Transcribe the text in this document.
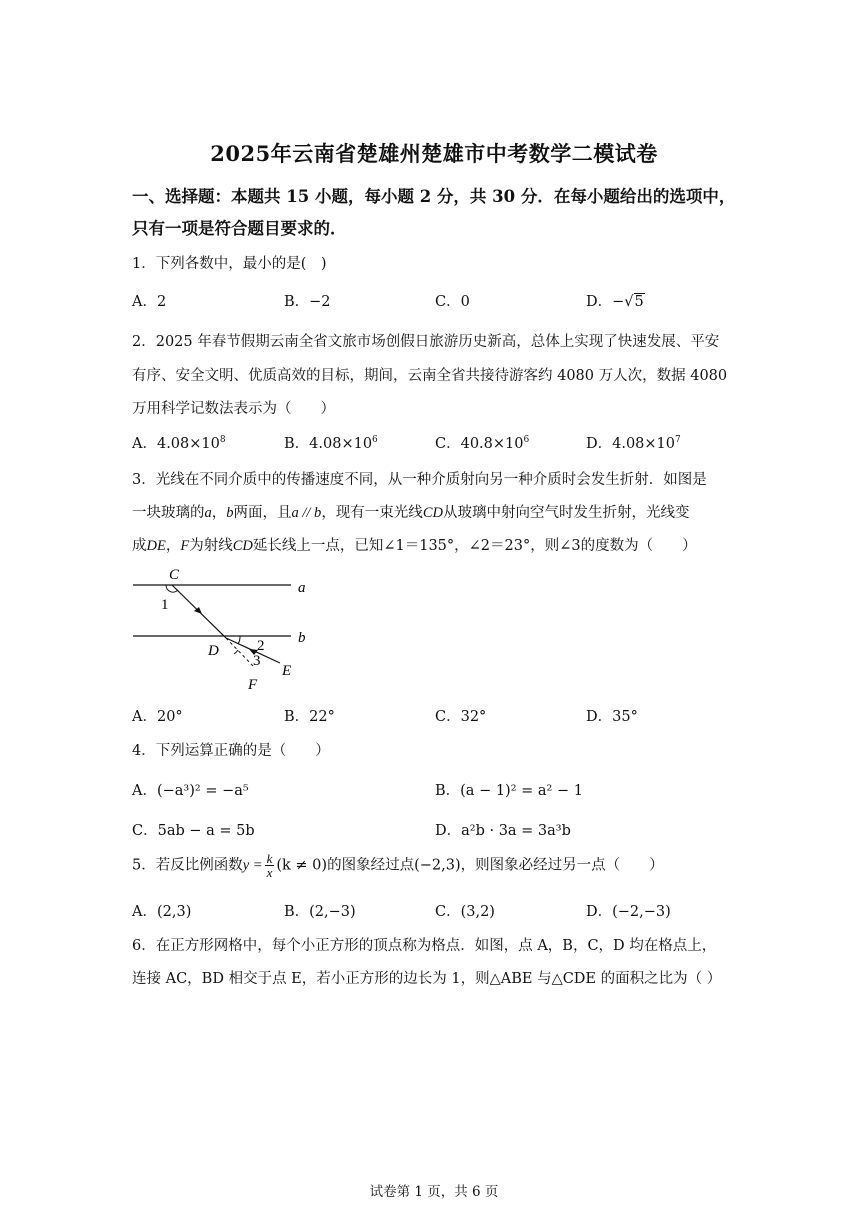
2025年云南省楚雄州楚雄市中考数学二模试卷
一、选择题：本题共 15 小题，每小题 2 分，共 30 分．在每小题给出的选项中，
只有一项是符合题目要求的．
1．下列各数中，最小的是(　)
A．2	B．−2	C．0	D．−√5
2．2025 年春节假期云南全省文旅市场创假日旅游历史新高，总体上实现了快速发展、平安
有序、安全文明、优质高效的目标，期间，云南全省共接待游客约 4080 万人次，数据 4080
万用科学记数法表示为（　　）
A．$4.08\times 10^8$	B．$4.08\times 10^6$	C．$40.8\times 10^6$	D．$4.08\times 10^7$
3．光线在不同介质中的传播速度不同，从一种介质射向另一种介质时会发生折射．如图是
一块玻璃的a，b两面，且a // b，现有一束光线CD从玻璃中射向空气时发生折射，光线变
成DE，F为射线CD延长线上一点，已知∠1＝135°，∠2＝23°，则∠3的度数为（　　）
C
1
a
b
D	2
3
E
F
A．20°	B．22°	C．32°	D．35°
4．下列运算正确的是（　　）
A．(−a³)² = −a⁵	B．(a − 1)² = a² − 1
C．5ab − a = 5b	D．a²b · 3a = 3a³b
5．若反比例函数$y = \frac{k}{x} (k \ne 0)$的图象经过点(−2,3)，则图象必经过另一点（　　）
A．(2,3)	B．(2,−3)	C．(3,2)	D．(−2,−3)
6．在正方形网格中，每个小正方形的顶点称为格点．如图，点 A，B，C，D 均在格点上，
连接 AC，BD 相交于点 E，若小正方形的边长为 1，则△ABE 与△CDE 的面积之比为（ ）
试卷第 1 页，共 6 页
